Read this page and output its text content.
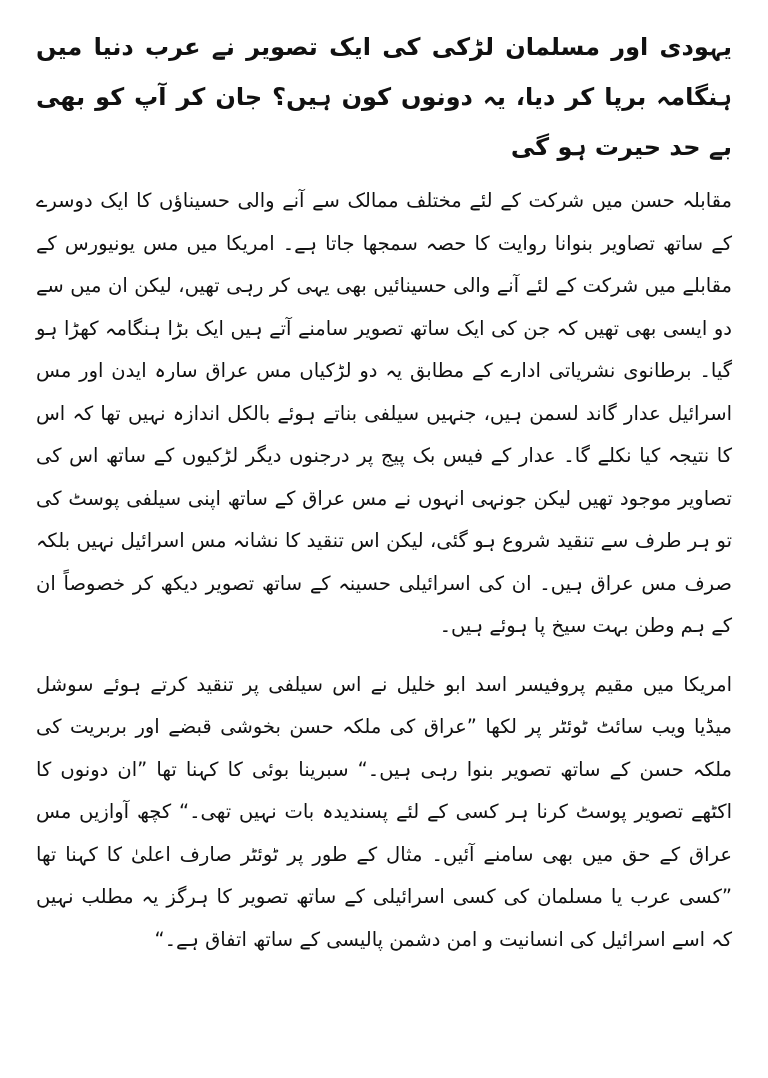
یہودی اور مسلمان لڑکی کی ایک تصویر نے عرب دنیا میں ہنگامہ برپا کر دیا، یہ دونوں کون ہیں؟ جان کر آپ کو بھی بے حد حیرت ہو گی

مقابلہ حسن میں شرکت کے لئے مختلف ممالک سے آنے والی حسیناؤں کا ایک دوسرے کے ساتھ تصاویر بنوانا روایت کا حصہ سمجھا جاتا ہے۔ امریکا میں مس یونیورس کے مقابلے میں شرکت کے لئے آنے والی حسینائیں بھی یہی کر رہی تھیں، لیکن ان میں سے دو ایسی بھی تھیں کہ جن کی ایک ساتھ تصویر سامنے آتے ہیں ایک بڑا ہنگامہ کھڑا ہو گیا۔ برطانوی نشریاتی ادارے کے مطابق یہ دو لڑکیاں مس عراق سارہ ایدن اور مس اسرائیل عدار گاند لسمن ہیں، جنہیں سیلفی بناتے ہوئے بالکل اندازہ نہیں تھا کہ اس کا نتیجہ کیا نکلے گا۔ عدار کے فیس بک پیج پر درجنوں دیگر لڑکیوں کے ساتھ اس کی تصاویر موجود تھیں لیکن جونہی انہوں نے مس عراق کے ساتھ اپنی سیلفی پوسٹ کی تو ہر طرف سے تنقید شروع ہو گئی، لیکن اس تنقید کا نشانہ مس اسرائیل نہیں بلکہ صرف مس عراق ہیں۔ ان کی اسرائیلی حسینہ کے ساتھ تصویر دیکھ کر خصوصاً ان کے ہم وطن بہت سیخ پا ہوئے ہیں۔

امریکا میں مقیم پروفیسر اسد ابو خلیل نے اس سیلفی پر تنقید کرتے ہوئے سوشل میڈیا ویب سائٹ ٹوئٹر پر لکھا ”عراق کی ملکہ حسن بخوشی قبضے اور بربریت کی ملکہ حسن کے ساتھ تصویر بنوا رہی ہیں۔“ سبرینا بوئی کا کہنا تھا ”ان دونوں کا اکٹھے تصویر پوسٹ کرنا ہر کسی کے لئے پسندیدہ بات نہیں تھی۔“ کچھ آوازیں مس عراق کے حق میں بھی سامنے آئیں۔ مثال کے طور پر ٹوئٹر صارف اعلیٰ کا کہنا تھا ”کسی عرب یا مسلمان کی کسی اسرائیلی کے ساتھ تصویر کا ہرگز یہ مطلب نہیں کہ اسے اسرائیل کی انسانیت و امن دشمن پالیسی کے ساتھ اتفاق ہے۔“
